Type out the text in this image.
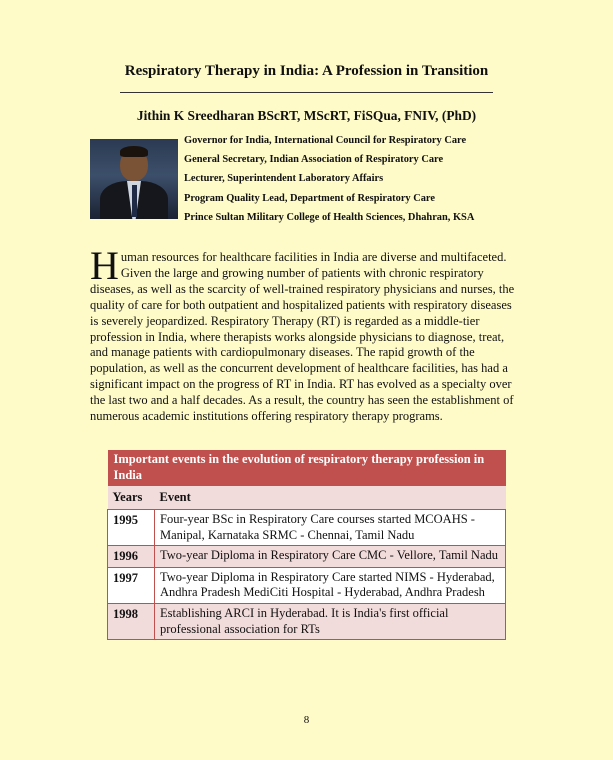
Respiratory Therapy in India: A Profession in Transition
Jithin K Sreedharan BScRT, MScRT, FiSQua, FNIV, (PhD)
Governor for India, International Council for Respiratory Care
General Secretary, Indian Association of Respiratory Care
Lecturer, Superintendent Laboratory Affairs
Program Quality Lead, Department of Respiratory Care
Prince Sultan Military College of Health Sciences, Dhahran, KSA
Human resources for healthcare facilities in India are diverse and multifaceted. Given the large and growing number of patients with chronic respiratory diseases, as well as the scarcity of well-trained respiratory physicians and nurses, the quality of care for both outpatient and hospitalized patients with respiratory diseases is severely jeopardized. Respiratory Therapy (RT) is regarded as a middle-tier profession in India, where therapists works alongside physicians to diagnose, treat, and manage patients with cardiopulmonary diseases. The rapid growth of the population, as well as the concurrent development of healthcare facilities, has had a significant impact on the progress of RT in India. RT has evolved as a specialty over the last two and a half decades. As a result, the country has seen the establishment of numerous academic institutions offering respiratory therapy programs.
Important events in the evolution of respiratory therapy profession in India	
Years	Event
1995	Four-year BSc in Respiratory Care courses started MCOAHS - Manipal, Karnataka SRMC - Chennai, Tamil Nadu
1996	Two-year Diploma in Respiratory Care CMC - Vellore, Tamil Nadu
1997	Two-year Diploma in Respiratory Care started NIMS - Hyderabad, Andhra Pradesh MediCiti Hospital - Hyderabad, Andhra Pradesh
1998	Establishing ARCI in Hyderabad. It is India's first official professional association for RTs
8
